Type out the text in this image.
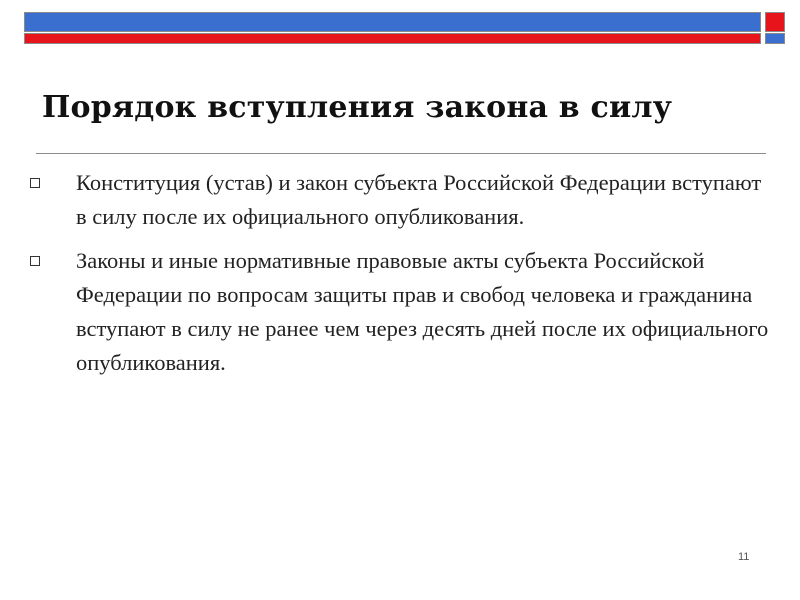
Порядок вступления закона в силу
Конституция (устав) и закон субъекта Российской Федерации вступают в силу после их официального опубликования.
Законы и иные нормативные правовые акты субъекта Российской Федерации по вопросам защиты прав и свобод человека и гражданина вступают в силу не ранее чем через десять дней после их официального опубликования.
11
